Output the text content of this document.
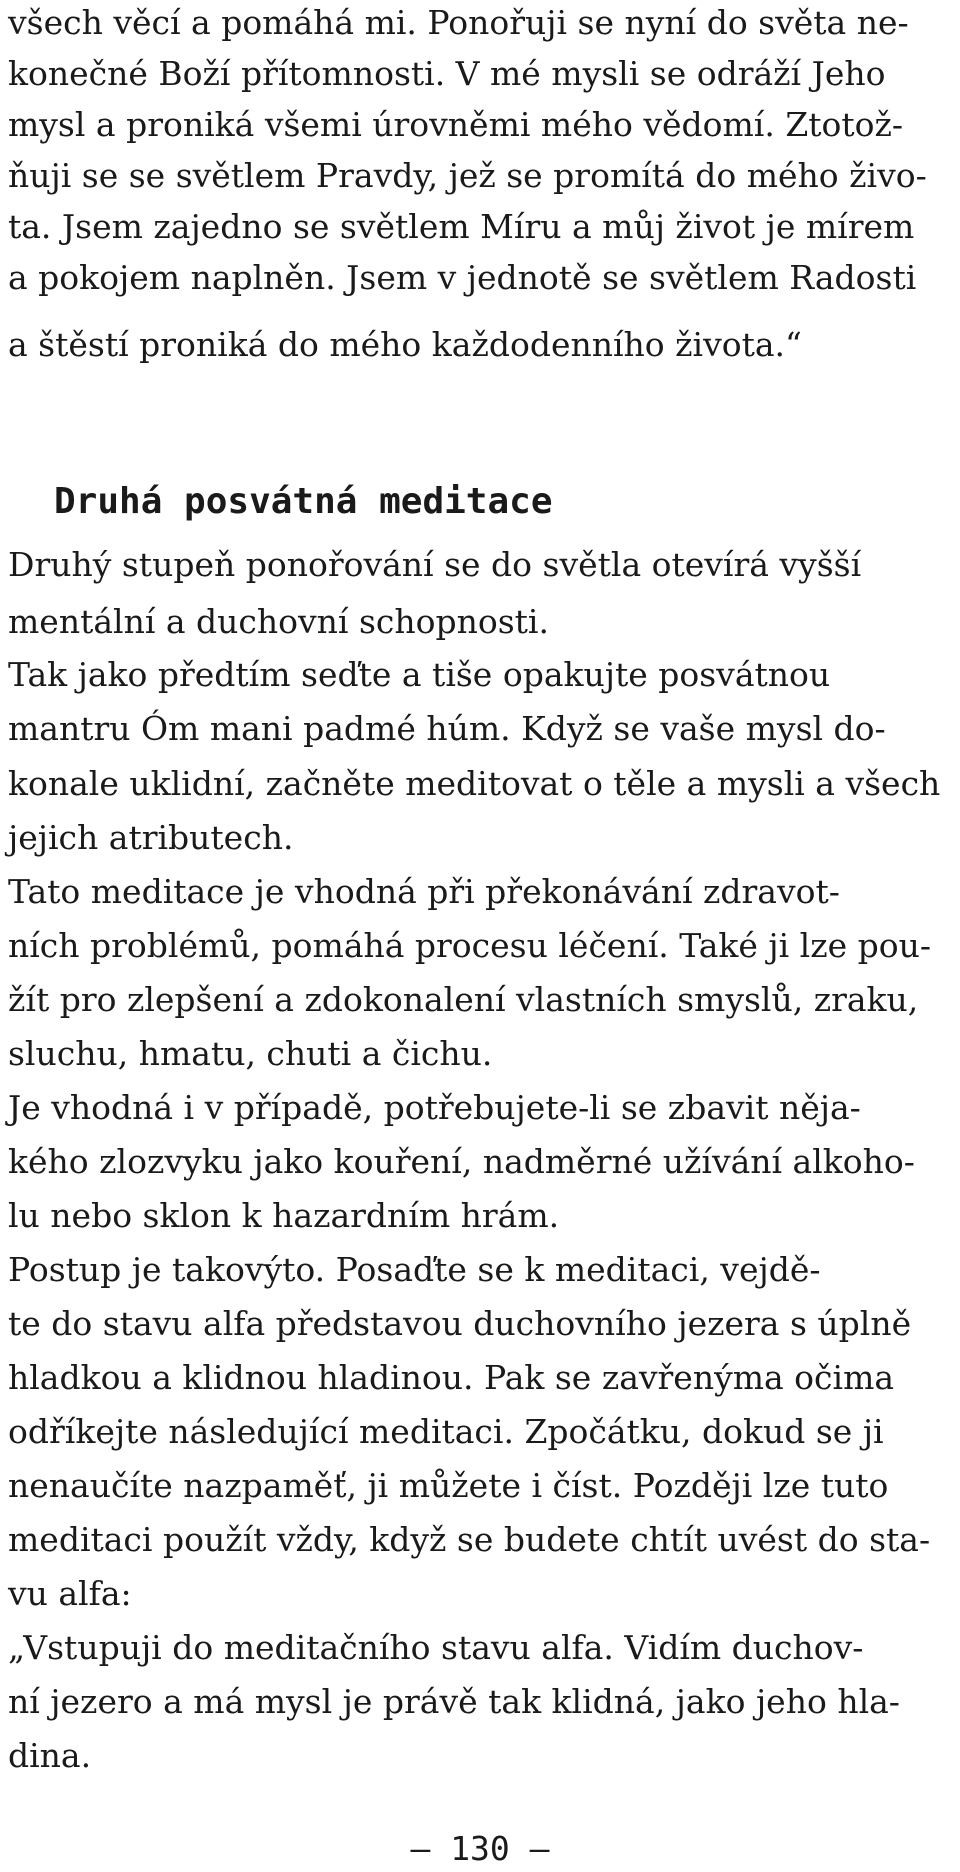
všech věcí a pomáhá mi. Ponořuji se nyní do světa ne-
konečné Boží přítomnosti. V mé mysli se odráží Jeho
mysl a proniká všemi úrovněmi mého vědomí. Ztotož-
ňuji se se světlem Pravdy, jež se promítá do mého živo-
ta. Jsem zajedno se světlem Míru a můj život je mírem
a pokojem naplněn. Jsem v jednotě se světlem Radosti
a štěstí proniká do mého každodenního života.“
Druhá posvátná meditace
Druhý stupeň ponořování se do světla otevírá vyšší
mentální a duchovní schopnosti.
Tak jako předtím seďte a tiše opakujte posvátnou
mantru Óm mani padmé húm. Když se vaše mysl do-
konale uklidní, začněte meditovat o těle a mysli a všech
jejich atributech.
Tato meditace je vhodná při překonávání zdravot-
ních problémů, pomáhá procesu léčení. Také ji lze pou-
žít pro zlepšení a zdokonalení vlastních smyslů, zraku,
sluchu, hmatu, chuti a čichu.
Je vhodná i v případě, potřebujete-li se zbavit něja-
kého zlozvyku jako kouření, nadměrné užívání alkoho-
lu nebo sklon k hazardním hrám.
Postup je takovýto. Posaďte se k meditaci, vejdě-
te do stavu alfa představou duchovního jezera s úplně
hladkou a klidnou hladinou. Pak se zavřenýma očima
odříkejte následující meditaci. Zpočátku, dokud se ji
nenaučíte nazpaměť, ji můžete i číst. Později lze tuto
meditaci použít vždy, když se budete chtít uvést do sta-
vu alfa:
„Vstupuji do meditačního stavu alfa. Vidím duchov-
ní jezero a má mysl je právě tak klidná, jako jeho hla-
dina.
– 130 –
